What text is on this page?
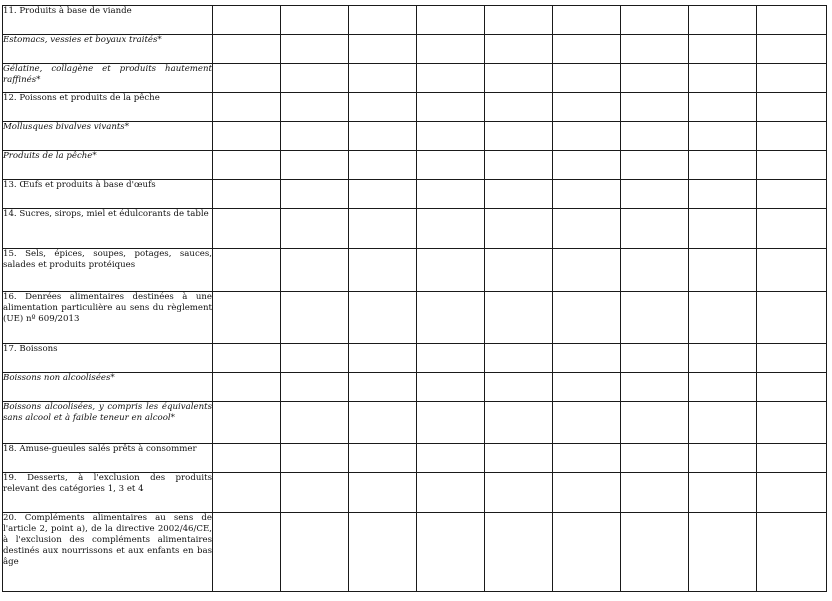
11. Produits à base de viande									
Estomacs, vessies et boyaux traités*									
Gélatine, collagène et produits hautement raffinés*									
12. Poissons et produits de la pêche									
Mollusques bivalves vivants*									
Produits de la pêche*									
13. Œufs et produits à base d'œufs									
14. Sucres, sirops, miel et édulcorants de table									
15. Sels, épices, soupes, potages, sauces, salades et produits protéiques									
16. Denrées alimentaires destinées à une alimentation particulière au sens du règlement (UE) nº 609/2013									
17. Boissons									
Boissons non alcoolisées*									
Boissons alcoolisées, y compris les équivalents sans alcool et à faible teneur en alcool*									
18. Amuse-gueules salés prêts à consommer									
19. Desserts, à l'exclusion des produits relevant des catégories 1, 3 et 4									
20. Compléments alimentaires au sens de l'article 2, point a), de la directive 2002/46/CE, à l'exclusion des compléments alimentaires destinés aux nourrissons et aux enfants en bas âge									
